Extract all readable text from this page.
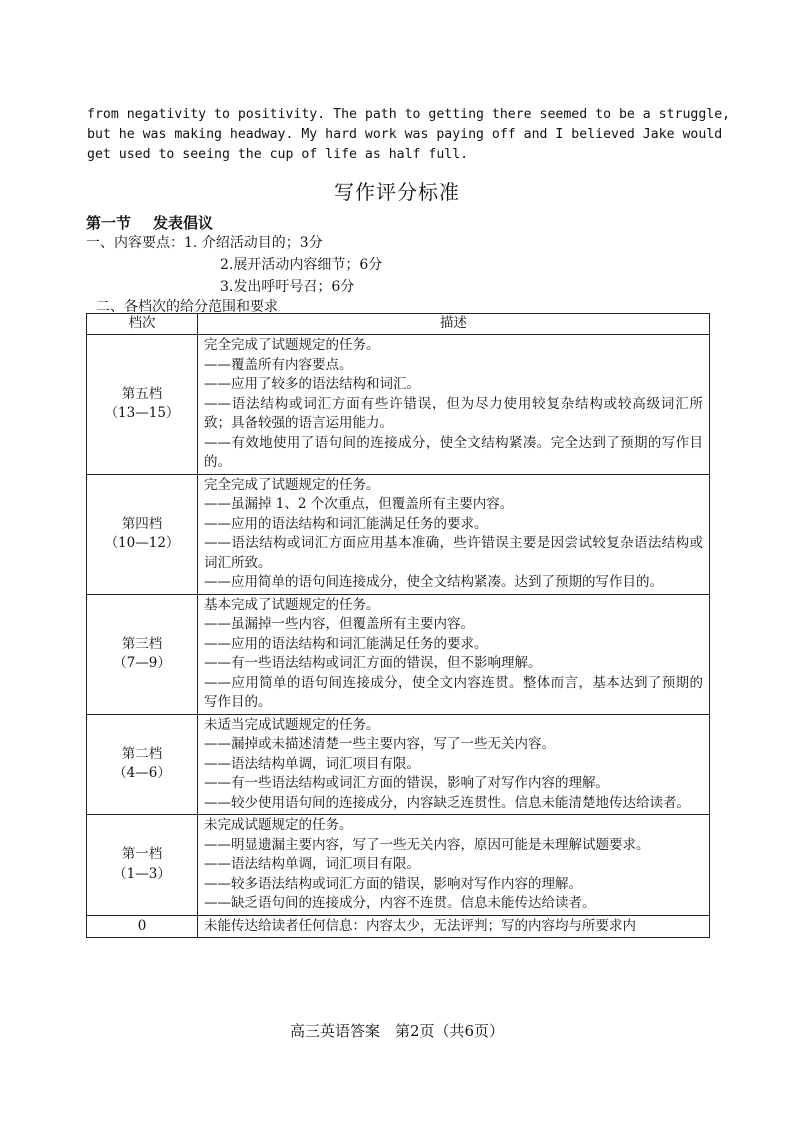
from negativity to positivity. The path to getting there seemed to be a struggle,
but he was making headway. My hard work was paying off and I believed Jake would
get used to seeing the cup of life as half full.
写作评分标准

第一节 发表倡议

一、内容要点：1. 介绍活动目的；3分
2.展开活动内容细节；6分
3.发出呼吁号召；6分

二、各档次的给分范围和要求

档次	描述

第五档
（13—15）	完全完成了试题规定的任务。
——覆盖所有内容要点。
——应用了较多的语法结构和词汇。
——语法结构或词汇方面有些许错误，但为尽力使用较复杂结构或较高级词汇所致；具备较强的语言运用能力。
——有效地使用了语句间的连接成分，使全文结构紧凑。完全达到了预期的写作目的。

第四档
（10—12）	完全完成了试题规定的任务。
——虽漏掉 1、2 个次重点，但覆盖所有主要内容。
——应用的语法结构和词汇能满足任务的要求。
——语法结构或词汇方面应用基本准确，些许错误主要是因尝试较复杂语法结构或词汇所致。
——应用简单的语句间连接成分，使全文结构紧凑。达到了预期的写作目的。

第三档
（7—9）	基本完成了试题规定的任务。
——虽漏掉一些内容，但覆盖所有主要内容。
——应用的语法结构和词汇能满足任务的要求。
——有一些语法结构或词汇方面的错误，但不影响理解。
——应用简单的语句间连接成分，使全文内容连贯。整体而言，基本达到了预期的写作目的。

第二档
（4—6）	未适当完成试题规定的任务。
——漏掉或未描述清楚一些主要内容，写了一些无关内容。
——语法结构单调，词汇项目有限。
——有一些语法结构或词汇方面的错误，影响了对写作内容的理解。
——较少使用语句间的连接成分，内容缺乏连贯性。信息未能清楚地传达给读者。

第一档
（1—3）	未完成试题规定的任务。
——明显遗漏主要内容，写了一些无关内容，原因可能是未理解试题要求。
——语法结构单调，词汇项目有限。
——较多语法结构或词汇方面的错误，影响对写作内容的理解。
——缺乏语句间的连接成分，内容不连贯。信息未能传达给读者。

0	未能传达给读者任何信息：内容太少，无法评判；写的内容均与所要求内

高三英语答案　第2页（共6页）
